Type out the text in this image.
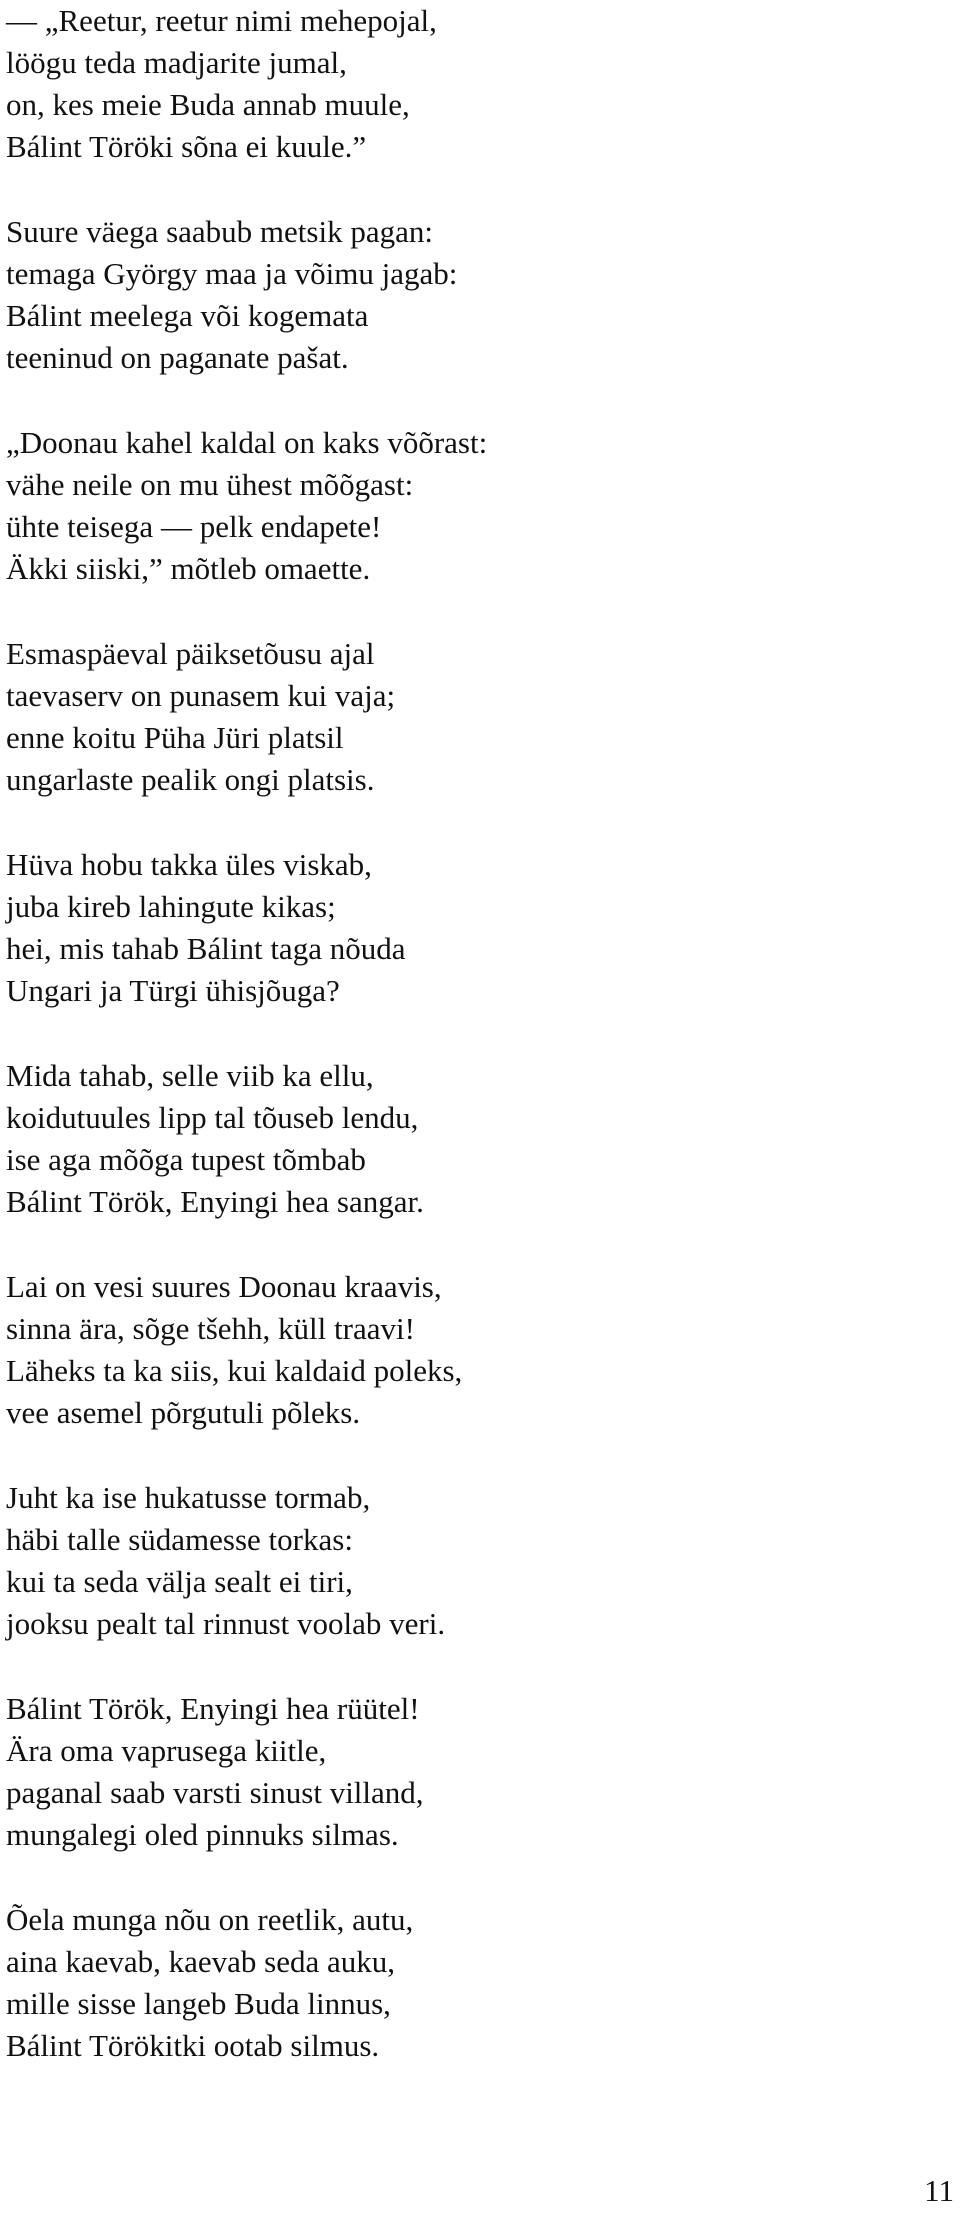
— „Reetur, reetur nimi mehepojal,
löögu teda madjarite jumal,
on, kes meie Buda annab muule,
Bálint Töröki sõna ei kuule.”
Suure väega saabub metsik pagan:
temaga György maa ja võimu jagab:
Bálint meelega või kogemata
teeninud on paganate pašat.
„Doonau kahel kaldal on kaks võõrast:
vähe neile on mu ühest mõõgast:
ühte teisega — pelk endapete!
Äkki siiski,” mõtleb omaette.
Esmaspäeval päiksetõusu ajal
taevaserv on punasem kui vaja;
enne koitu Püha Jüri platsil
ungarlaste pealik ongi platsis.
Hüva hobu takka üles viskab,
juba kireb lahingute kikas;
hei, mis tahab Bálint taga nõuda
Ungari ja Türgi ühisjõuga?
Mida tahab, selle viib ka ellu,
koidutuules lipp tal tõuseb lendu,
ise aga mõõga tupest tõmbab
Bálint Török, Enyingi hea sangar.
Lai on vesi suures Doonau kraavis,
sinna ära, sõge tšehh, küll traavi!
Läheks ta ka siis, kui kaldaid poleks,
vee asemel põrgutuli põleks.
Juht ka ise hukatusse tormab,
häbi talle südamesse torkas:
kui ta seda välja sealt ei tiri,
jooksu pealt tal rinnust voolab veri.
Bálint Török, Enyingi hea rüütel!
Ära oma vaprusega kiitle,
paganal saab varsti sinust villand,
mungalegi oled pinnuks silmas.
Õela munga nõu on reetlik, autu,
aina kaevab, kaevab seda auku,
mille sisse langeb Buda linnus,
Bálint Törökitki ootab silmus.
11
